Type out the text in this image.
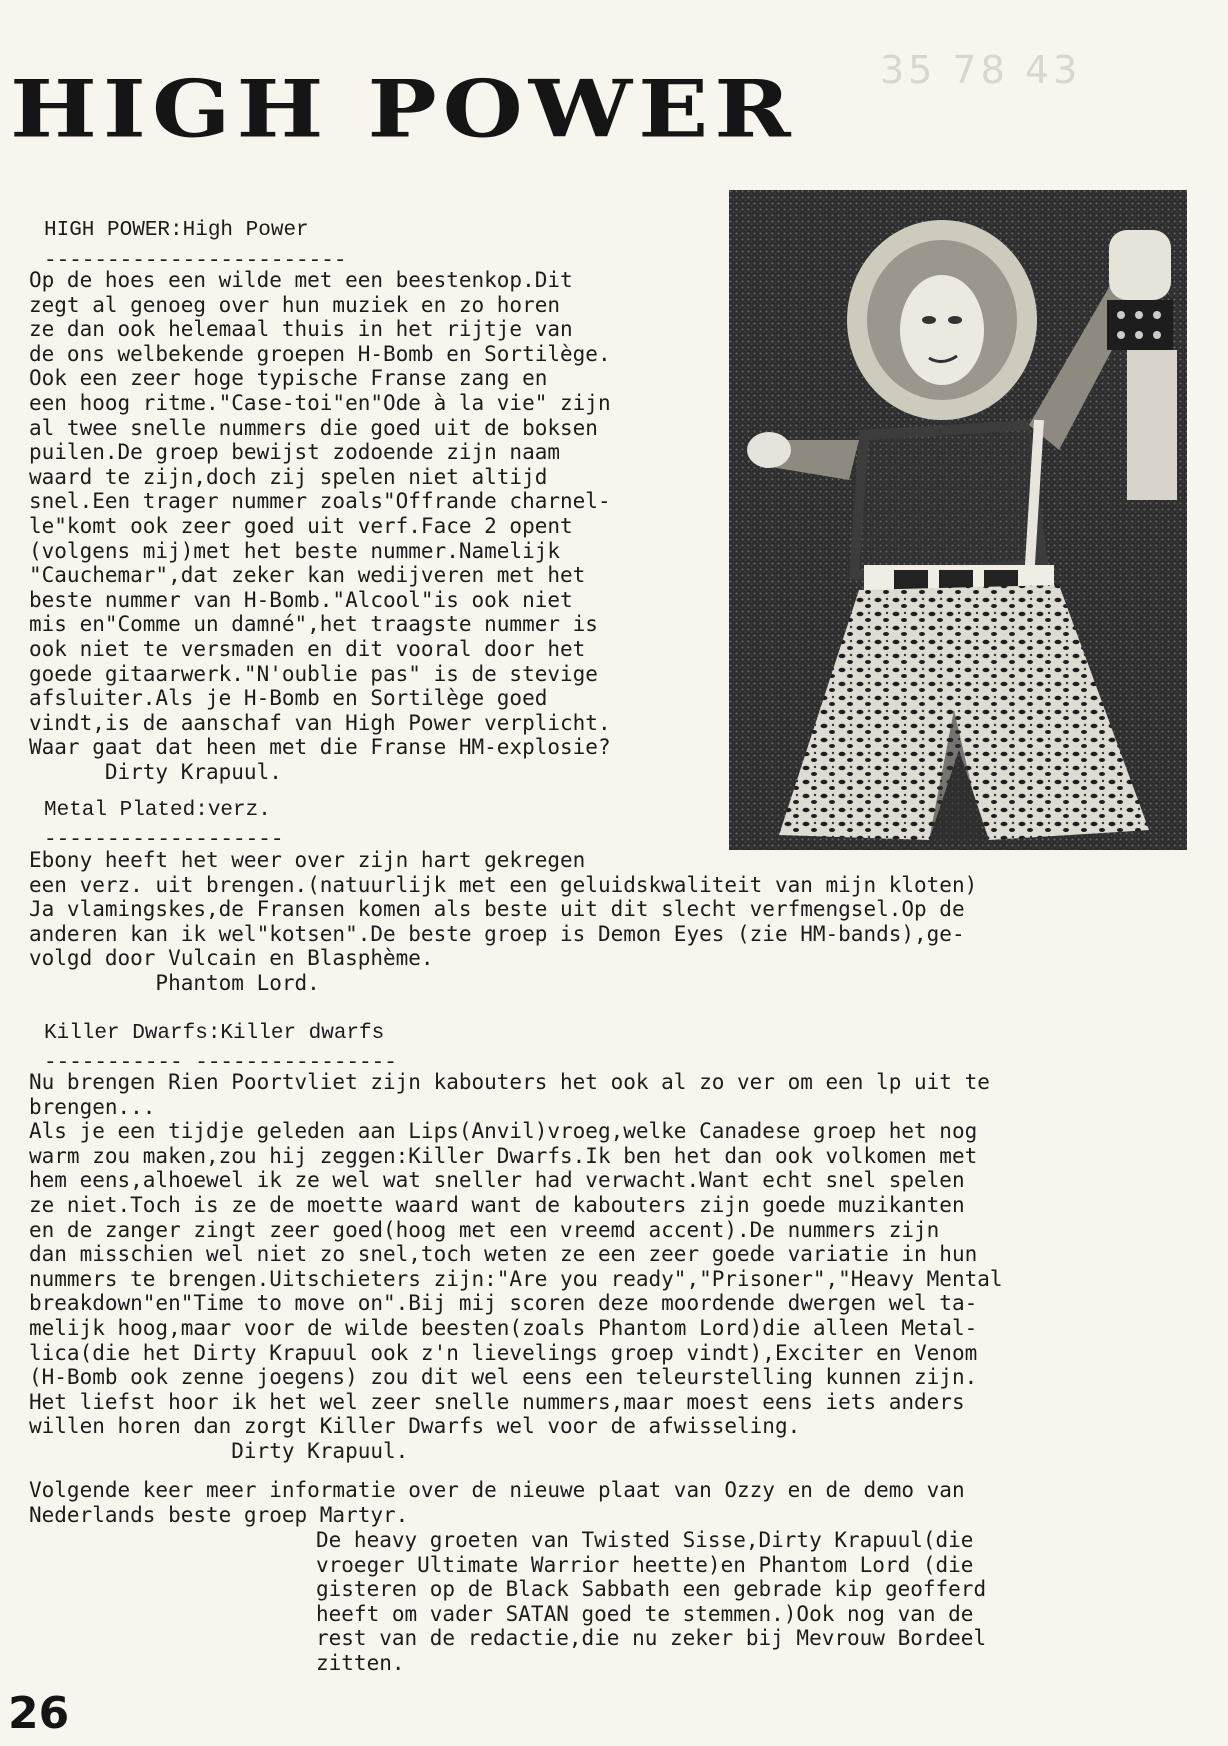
HIGH POWER 35 78 43
HIGH POWER:High Power
------------------------
Op de hoes een wilde met een beestenkop.Dit
zegt al genoeg over hun muziek en zo horen
ze dan ook helemaal thuis in het rijtje van
de ons welbekende groepen H-Bomb en Sortilège.
Ook een zeer hoge typische Franse zang en
een hoog ritme."Case-toi"en"Ode à la vie" zijn
al twee snelle nummers die goed uit de boksen
puilen.De groep bewijst zodoende zijn naam
waard te zijn,doch zij spelen niet altijd
snel.Een trager nummer zoals"Offrande charnel-
le"komt ook zeer goed uit verf.Face 2 opent
(volgens mij)met het beste nummer.Namelijk
"Cauchemar",dat zeker kan wedijveren met het
beste nummer van H-Bomb."Alcool"is ook niet
mis en"Comme un damné",het traagste nummer is
ook niet te versmaden en dit vooral door het
goede gitaarwerk."N'oublie pas" is de stevige
afsluiter.Als je H-Bomb en Sortilège goed
vindt,is de aanschaf van High Power verplicht.
Waar gaat dat heen met die Franse HM-explosie?
Dirty Krapuul.
Metal Plated:verz.
-------------------
Ebony heeft het weer over zijn hart gekregen
een verz. uit brengen.(natuurlijk met een geluidskwaliteit van mijn kloten)
Ja vlamingskes,de Fransen komen als beste uit dit slecht verfmengsel.Op de
anderen kan ik wel"kotsen".De beste groep is Demon Eyes (zie HM-bands),ge-
volgd door Vulcain en Blasphème.
Phantom Lord.
Killer Dwarfs:Killer dwarfs
----------- ----------------
Nu brengen Rien Poortvliet zijn kabouters het ook al zo ver om een lp uit te
brengen...
Als je een tijdje geleden aan Lips(Anvil)vroeg,welke Canadese groep het nog
warm zou maken,zou hij zeggen:Killer Dwarfs.Ik ben het dan ook volkomen met
hem eens,alhoewel ik ze wel wat sneller had verwacht.Want echt snel spelen
ze niet.Toch is ze de moette waard want de kabouters zijn goede muzikanten
en de zanger zingt zeer goed(hoog met een vreemd accent).De nummers zijn
dan misschien wel niet zo snel,toch weten ze een zeer goede variatie in hun
nummers te brengen.Uitschieters zijn:"Are you ready","Prisoner","Heavy Mental
breakdown"en"Time to move on".Bij mij scoren deze moordende dwergen wel ta-
melijk hoog,maar voor de wilde beesten(zoals Phantom Lord)die alleen Metal-
lica(die het Dirty Krapuul ook z'n lievelings groep vindt),Exciter en Venom
(H-Bomb ook zenne joegens) zou dit wel eens een teleurstelling kunnen zijn.
Het liefst hoor ik het wel zeer snelle nummers,maar moest eens iets anders
willen horen dan zorgt Killer Dwarfs wel voor de afwisseling.
Dirty Krapuul.
Volgende keer meer informatie over de nieuwe plaat van Ozzy en de demo van
Nederlands beste groep Martyr.
De heavy groeten van Twisted Sisse,Dirty Krapuul(die
vroeger Ultimate Warrior heette)en Phantom Lord (die
gisteren op de Black Sabbath een gebrade kip geofferd
heeft om vader SATAN goed te stemmen.)Ook nog van de
rest van de redactie,die nu zeker bij Mevrouw Bordeel
zitten.
26
